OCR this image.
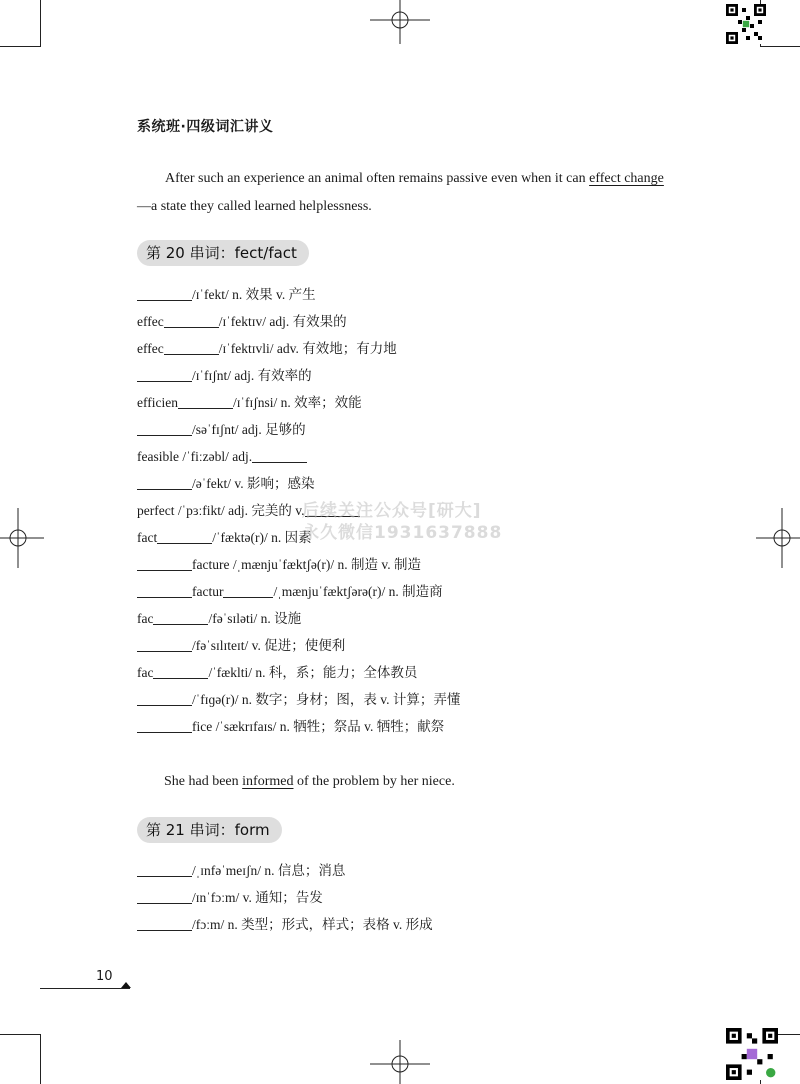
系统班·四级词汇讲义
After such an experience an animal often remains passive even when it can effect change—a state they called learned helplessness.
第 20 串词：fect/fact
/ɪˈfekt/ n. 效果 v. 产生
effec	/ɪˈfektɪv/ adj. 有效果的
effec	/ɪˈfektɪvli/ adv. 有效地；有力地
/ɪˈfɪʃnt/ adj. 有效率的
efficien	/ɪˈfɪʃnsi/ n. 效率；效能
/səˈfɪʃnt/ adj. 足够的
feasible /ˈfiːzəbl/ adj.
/əˈfekt/ v. 影响；感染
perfect /ˈpɜːfikt/ adj. 完美的 v.
fact	/ˈfæktə(r)/ n. 因素
facture /ˌmænjuˈfæktʃə(r)/ n. 制造 v. 制造
factur	/ˌmænjuˈfæktʃərə(r)/ n. 制造商
fac	/fəˈsɪləti/ n. 设施
/fəˈsɪlɪteɪt/ v. 促进；使便利
fac	/ˈfæklti/ n. 科，系；能力；全体教员
/ˈfɪɡə(r)/ n. 数字；身材；图，表 v. 计算；弄懂
fice /ˈsækrɪfaɪs/ n. 牺牲；祭品 v. 牺牲；献祭
She had been informed of the problem by her niece.
第 21 串词：form
/ˌɪnfəˈmeɪʃn/ n. 信息；消息
/ɪnˈfɔːm/ v. 通知；告发
/fɔːm/ n. 类型；形式，样式；表格 v. 形成
后续关注公众号[研大]
永久微信1931637888
10
